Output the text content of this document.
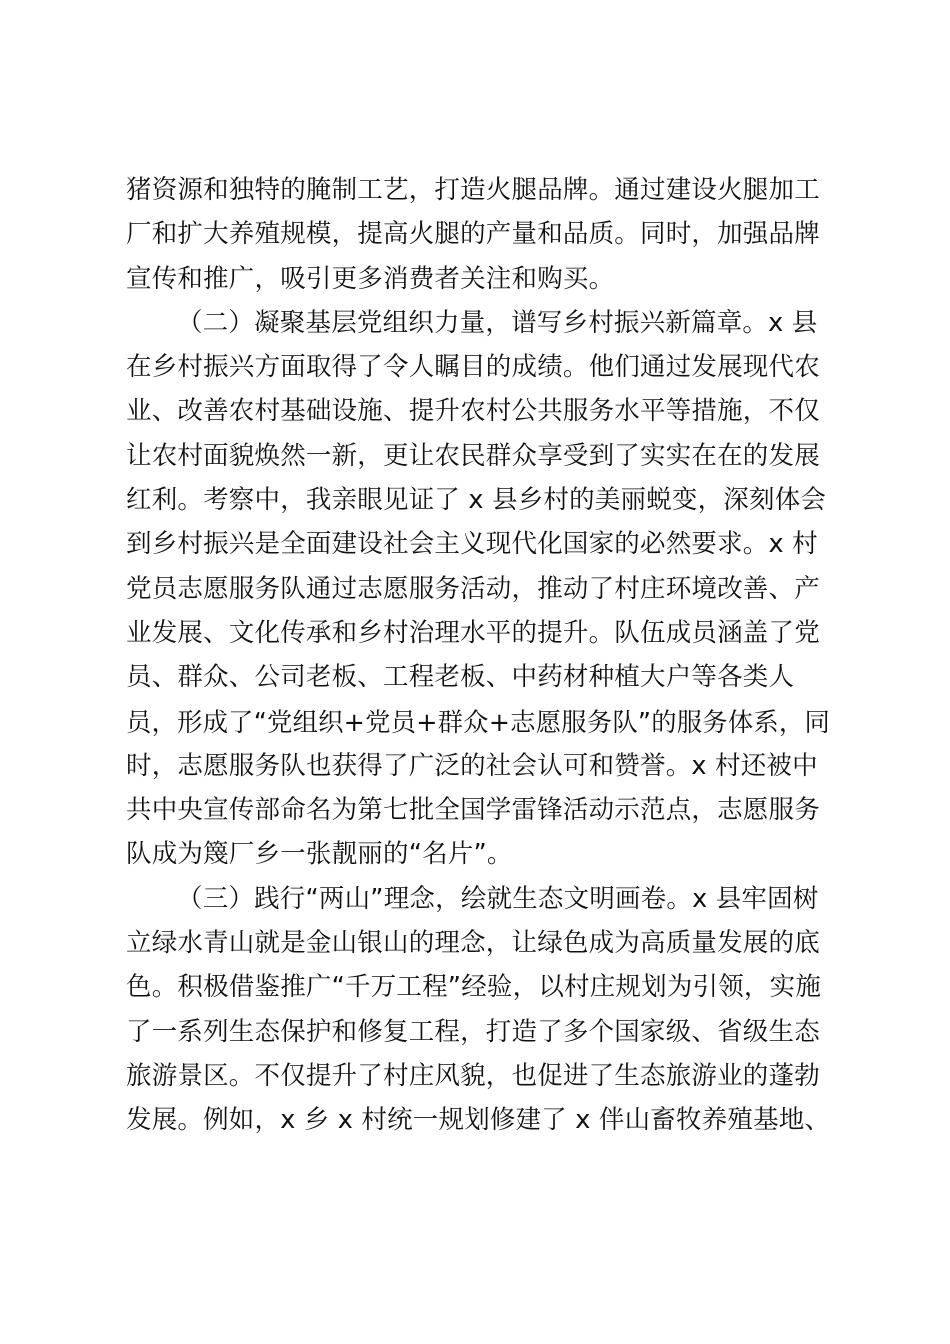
猪资源和独特的腌制工艺，打造火腿品牌。通过建设火腿加工
厂和扩大养殖规模，提高火腿的产量和品质。同时，加强品牌
宣传和推广，吸引更多消费者关注和购买。
（二）凝聚基层党组织力量，谱写乡村振兴新篇章。x 县
在乡村振兴方面取得了令人瞩目的成绩。他们通过发展现代农
业、改善农村基础设施、提升农村公共服务水平等措施，不仅
让农村面貌焕然一新，更让农民群众享受到了实实在在的发展
红利。考察中，我亲眼见证了 x 县乡村的美丽蜕变，深刻体会
到乡村振兴是全面建设社会主义现代化国家的必然要求。x 村
党员志愿服务队通过志愿服务活动，推动了村庄环境改善、产
业发展、文化传承和乡村治理水平的提升。队伍成员涵盖了党
员、群众、公司老板、工程老板、中药材种植大户等各类人
员，形成了“党组织+党员+群众+志愿服务队”的服务体系，同
时，志愿服务队也获得了广泛的社会认可和赞誉。x 村还被中
共中央宣传部命名为第七批全国学雷锋活动示范点，志愿服务
队成为篾厂乡一张靓丽的“名片”。
（三）践行“两山”理念，绘就生态文明画卷。x 县牢固树
立绿水青山就是金山银山的理念，让绿色成为高质量发展的底
色。积极借鉴推广“千万工程”经验，以村庄规划为引领，实施
了一系列生态保护和修复工程，打造了多个国家级、省级生态
旅游景区。不仅提升了村庄风貌，也促进了生态旅游业的蓬勃
发展。例如，x 乡 x 村统一规划修建了 x 伴山畜牧养殖基地、
